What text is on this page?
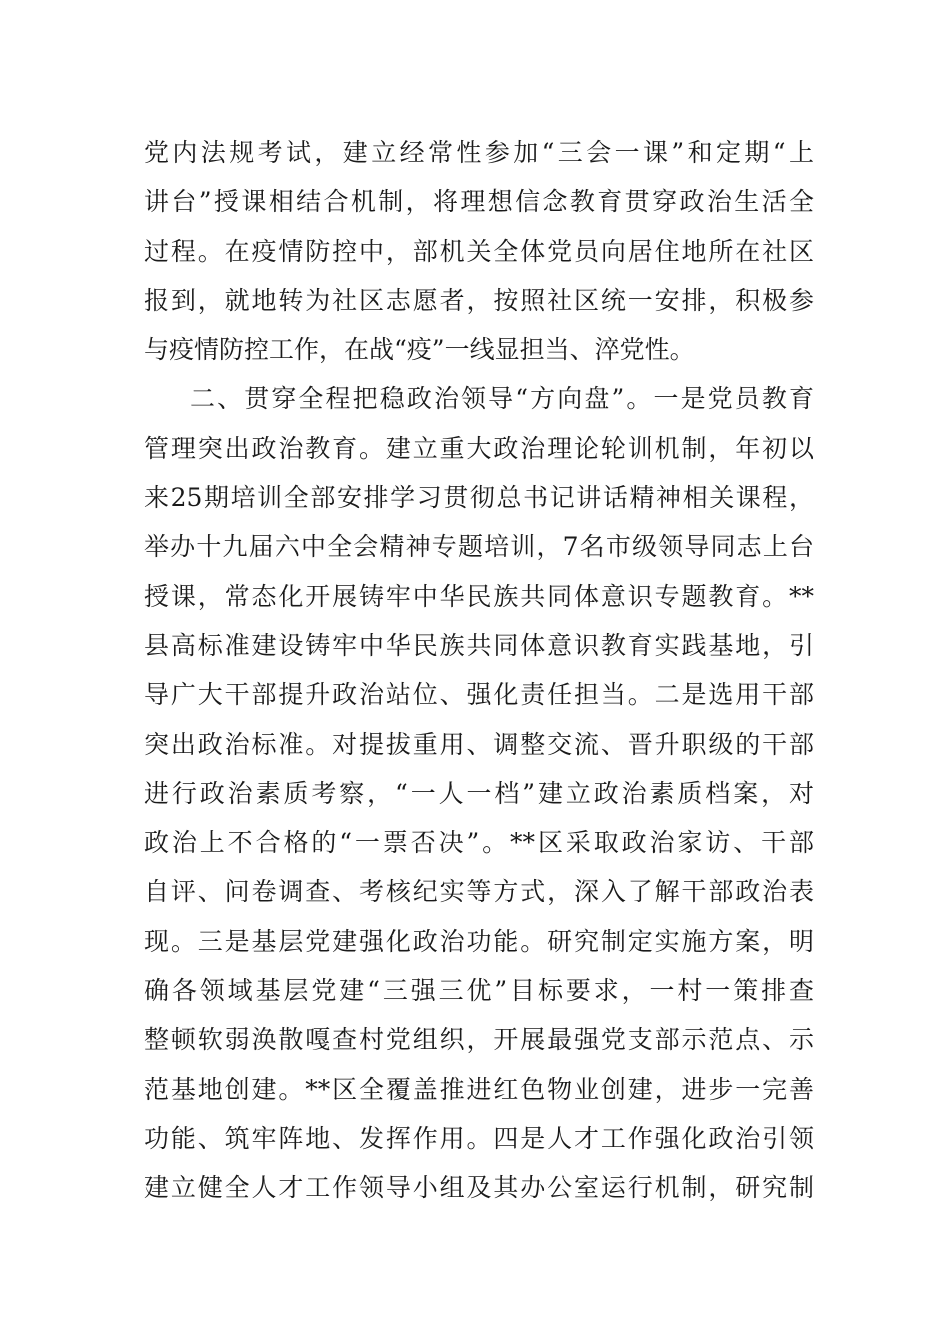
党内法规考试，建立经常性参加“三会一课”和定期“上
讲台”授课相结合机制，将理想信念教育贯穿政治生活全
过程。在疫情防控中，部机关全体党员向居住地所在社区
报到，就地转为社区志愿者，按照社区统一安排，积极参
与疫情防控工作，在战“疫”一线显担当、淬党性。
二、贯穿全程把稳政治领导“方向盘”。一是党员教育
管理突出政治教育。建立重大政治理论轮训机制，年初以
来25期培训全部安排学习贯彻总书记讲话精神相关课程，
举办十九届六中全会精神专题培训，7名市级领导同志上台
授课，常态化开展铸牢中华民族共同体意识专题教育。**
县高标准建设铸牢中华民族共同体意识教育实践基地，引
导广大干部提升政治站位、强化责任担当。二是选用干部
突出政治标准。对提拔重用、调整交流、晋升职级的干部
进行政治素质考察，“一人一档”建立政治素质档案，对
政治上不合格的“一票否决”。**区采取政治家访、干部
自评、问卷调查、考核纪实等方式，深入了解干部政治表
现。三是基层党建强化政治功能。研究制定实施方案，明
确各领域基层党建“三强三优”目标要求，一村一策排查
整顿软弱涣散嘎查村党组织，开展最强党支部示范点、示
范基地创建。**区全覆盖推进红色物业创建，进步一完善
功能、筑牢阵地、发挥作用。四是人才工作强化政治引领
建立健全人才工作领导小组及其办公室运行机制，研究制
